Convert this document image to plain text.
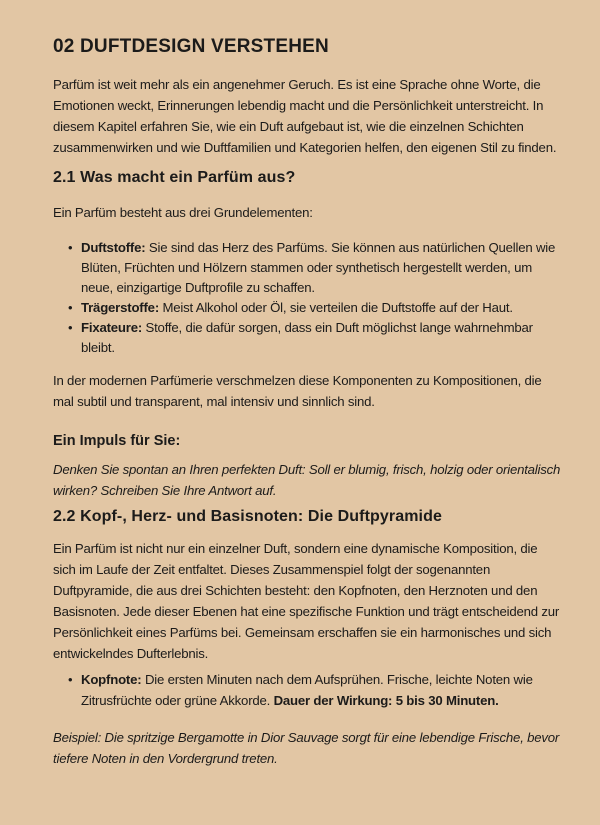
02 DUFTDESIGN VERSTEHEN

Parfüm ist weit mehr als ein angenehmer Geruch. Es ist eine Sprache ohne Worte, die Emotionen weckt, Erinnerungen lebendig macht und die Persönlichkeit unterstreicht. In diesem Kapitel erfahren Sie, wie ein Duft aufgebaut ist, wie die einzelnen Schichten zusammenwirken und wie Duftfamilien und Kategorien helfen, den eigenen Stil zu finden.

2.1 Was macht ein Parfüm aus?

Ein Parfüm besteht aus drei Grundelementen:

• Duftstoffe: Sie sind das Herz des Parfüms. Sie können aus natürlichen Quellen wie Blüten, Früchten und Hölzern stammen oder synthetisch hergestellt werden, um neue, einzigartige Duftprofile zu schaffen.
• Trägerstoffe: Meist Alkohol oder Öl, sie verteilen die Duftstoffe auf der Haut.
• Fixateure: Stoffe, die dafür sorgen, dass ein Duft möglichst lange wahrnehmbar bleibt.

In der modernen Parfümerie verschmelzen diese Komponenten zu Kompositionen, die mal subtil und transparent, mal intensiv und sinnlich sind.

Ein Impuls für Sie:

Denken Sie spontan an Ihren perfekten Duft: Soll er blumig, frisch, holzig oder orientalisch wirken? Schreiben Sie Ihre Antwort auf.

2.2 Kopf-, Herz- und Basisnoten: Die Duftpyramide

Ein Parfüm ist nicht nur ein einzelner Duft, sondern eine dynamische Komposition, die sich im Laufe der Zeit entfaltet. Dieses Zusammenspiel folgt der sogenannten Duftpyramide, die aus drei Schichten besteht: den Kopfnoten, den Herznoten und den Basisnoten. Jede dieser Ebenen hat eine spezifische Funktion und trägt entscheidend zur Persönlichkeit eines Parfüms bei. Gemeinsam erschaffen sie ein harmonisches und sich entwickelndes Dufterlebnis.

• Kopfnote: Die ersten Minuten nach dem Aufsprühen. Frische, leichte Noten wie Zitrusfrüchte oder grüne Akkorde. Dauer der Wirkung: 5 bis 30 Minuten.

Beispiel: Die spritzige Bergamotte in Dior Sauvage sorgt für eine lebendige Frische, bevor tiefere Noten in den Vordergrund treten.
